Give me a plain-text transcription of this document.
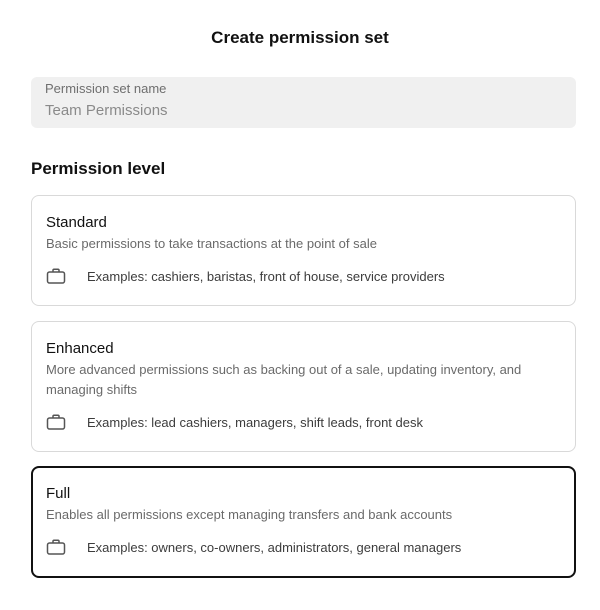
Create permission set
Permission set name
Team Permissions
Permission level
Standard
Basic permissions to take transactions at the point of sale
Examples: cashiers, baristas, front of house, service providers
Enhanced
More advanced permissions such as backing out of a sale, updating inventory, and managing shifts
Examples: lead cashiers, managers, shift leads, front desk
Full
Enables all permissions except managing transfers and bank accounts
Examples: owners, co-owners, administrators, general managers
